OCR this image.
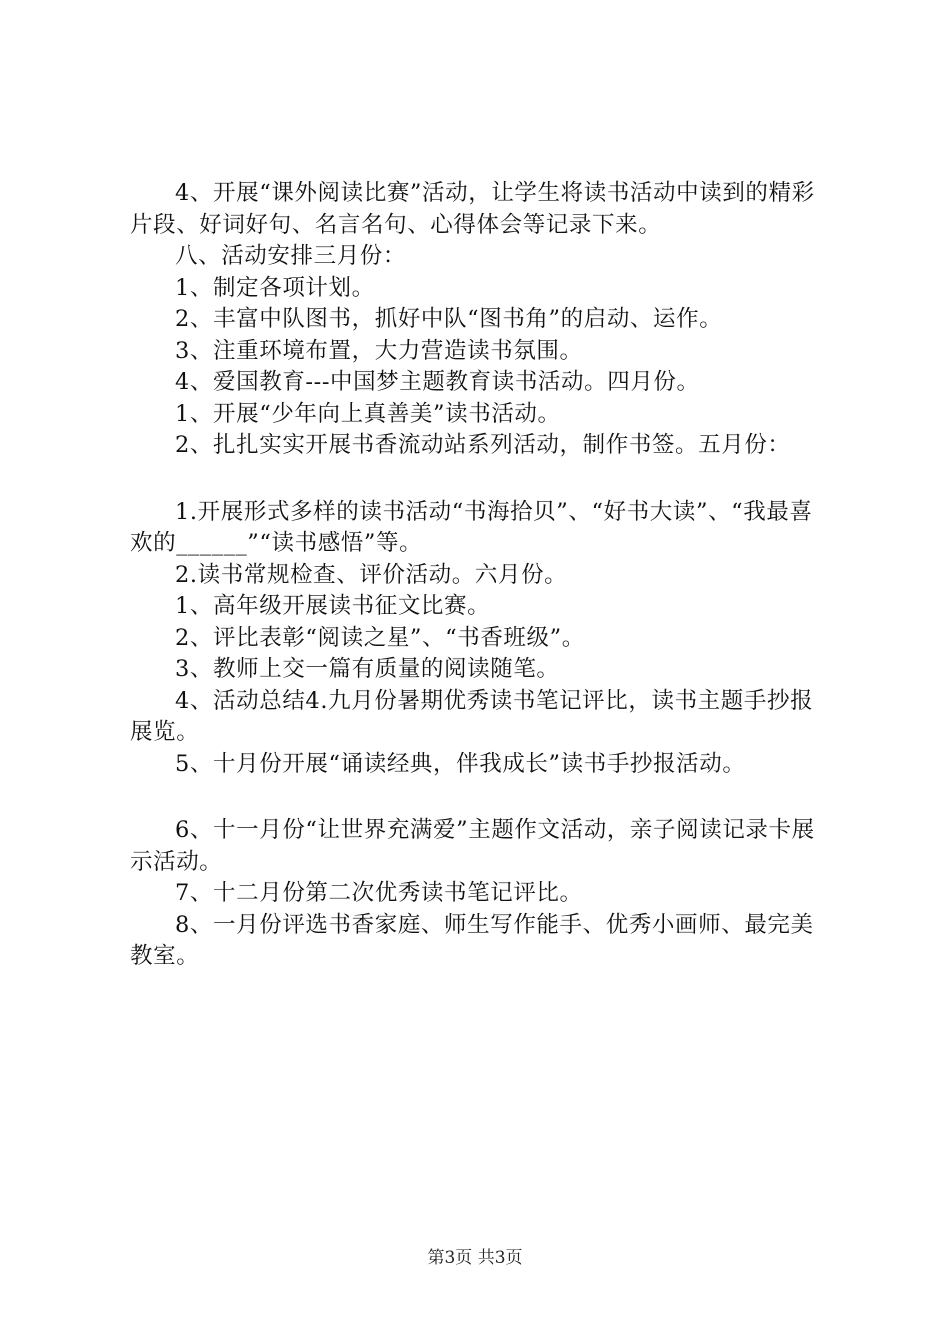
4、开展“课外阅读比赛”活动，让学生将读书活动中读到的精彩片段、好词好句、名言名句、心得体会等记录下来。

八、活动安排三月份：

1、制定各项计划。

2、丰富中队图书，抓好中队“图书角”的启动、运作。

3、注重环境布置，大力营造读书氛围。

4、爱国教育---中国梦主题教育读书活动。四月份。

1、开展“少年向上真善美”读书活动。

2、扎扎实实开展书香流动站系列活动，制作书签。五月份：

1.开展形式多样的读书活动“书海拾贝”、“好书大读”、“我最喜欢的______”“读书感悟”等。

2.读书常规检查、评价活动。六月份。

1、高年级开展读书征文比赛。

2、评比表彰“阅读之星”、“书香班级”。

3、教师上交一篇有质量的阅读随笔。

4、活动总结4.九月份暑期优秀读书笔记评比，读书主题手抄报展览。

5、十月份开展“诵读经典，伴我成长”读书手抄报活动。

6、十一月份“让世界充满爱”主题作文活动，亲子阅读记录卡展示活动。

7、十二月份第二次优秀读书笔记评比。

8、一月份评选书香家庭、师生写作能手、优秀小画师、最完美教室。

第3页 共3页
